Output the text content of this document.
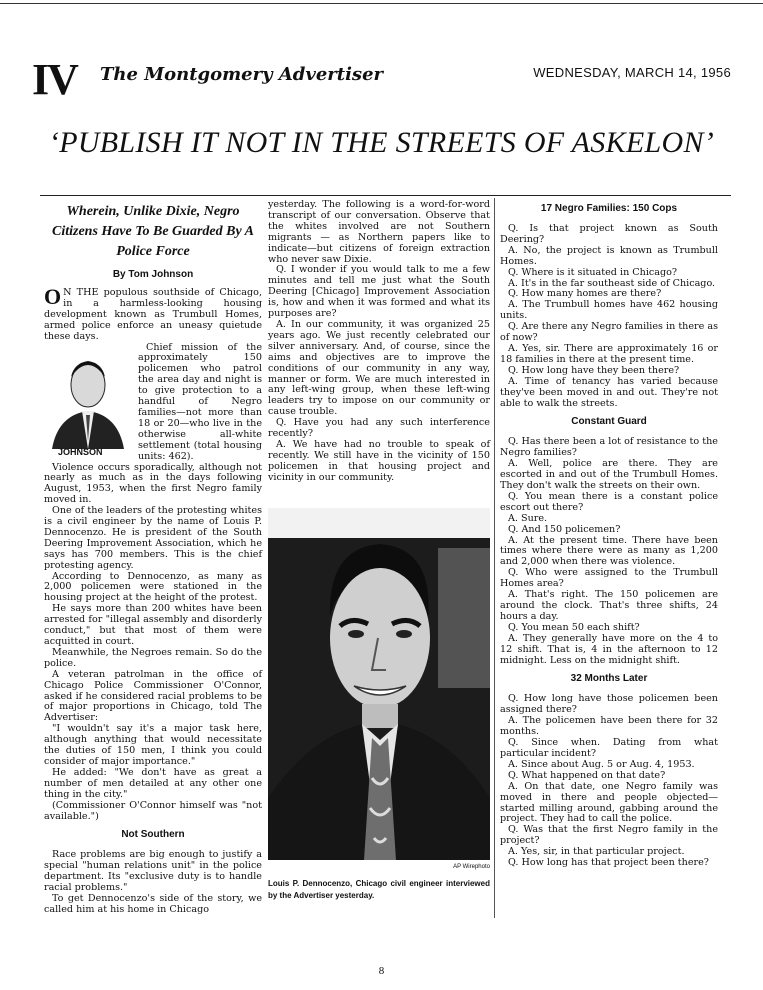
IV The Montgomery Advertiser	WEDNESDAY, MARCH 14, 1956
‘PUBLISH IT NOT IN THE STREETS OF ASKELON’
Wherein, Unlike Dixie, Negro Citizens Have To Be Guarded By A Police Force
By Tom Johnson

O N THE populous southside of Chicago, in a harmless-looking housing development known as Trumbull Homes, armed police enforce an uneasy quietude these days.

JOHNSON

Chief mission of the approximately 150 policemen who patrol the area day and night is to give protection to a handful of Negro families—not more than 18 or 20—who live in the otherwise all-white settlement (total housing units: 462).

Violence occurs sporadically, although not nearly as much as in the days following August, 1953, when the first Negro family moved in.

One of the leaders of the protesting whites is a civil engineer by the name of Louis P. Dennocenzo. He is president of the South Deering Improvement Association, which he says has 700 members. This is the chief protesting agency.

According to Dennocenzo, as many as 2,000 policemen were stationed in the housing project at the height of the protest.

He says more than 200 whites have been arrested for "illegal assembly and disorderly conduct," but that most of them were acquitted in court.

Meanwhile, the Negroes remain. So do the police.

A veteran patrolman in the office of Chicago Police Commissioner O'Connor, asked if he considered racial problems to be of major proportions in Chicago, told The Advertiser:

"I wouldn't say it's a major task here, although anything that would necessitate the duties of 150 men, I think you could consider of major importance."

He added: "We don't have as great a number of men detailed at any other one thing in the city."

(Commissioner O'Connor himself was "not available.")

Not Southern

Race problems are big enough to justify a special "human relations unit" in the police department. Its "exclusive duty is to handle racial problems."

To get Dennocenzo's side of the story, we called him at his home in Chicago

yesterday. The following is a word-for-word transcript of our conversation. Observe that the whites involved are not Southern migrants — as Northern papers like to indicate—but citizens of foreign extraction who never saw Dixie.

Q. I wonder if you would talk to me a few minutes and tell me just what the South Deering [Chicago] Improvement Association is, how and when it was formed and what its purposes are?

A. In our community, it was organized 25 years ago. We just recently celebrated our silver anniversary. And, of course, since the aims and objectives are to improve the conditions of our community in any way, manner or form. We are much interested in any left-wing group, when these left-wing leaders try to impose on our community or cause trouble.

Q. Have you had any such interference recently?

A. We have had no trouble to speak of recently. We still have in the vicinity of 150 policemen in that housing project and vicinity in our community.

AP Wirephoto
Louis P. Dennocenzo, Chicago civil engineer interviewed by the Advertiser yesterday.
17 Negro Families: 150 Cops

Q. Is that project known as South Deering?

A. No, the project is known as Trumbull Homes.

Q. Where is it situated in Chicago?

A. It's in the far southeast side of Chicago.

Q. How many homes are there?

A. The Trumbull homes have 462 housing units.

Q. Are there any Negro families in there as of now?

A. Yes, sir. There are approximately 16 or 18 families in there at the present time.

Q. How long have they been there?

A. Time of tenancy has varied because they've been moved in and out. They're not able to walk the streets.

Constant Guard

Q. Has there been a lot of resistance to the Negro families?

A. Well, police are there. They are escorted in and out of the Trumbull Homes. They don't walk the streets on their own.

Q. You mean there is a constant police escort out there?

A. Sure.

Q. And 150 policemen?

A. At the present time. There have been times where there were as many as 1,200 and 2,000 when there was violence.

Q. Who were assigned to the Trumbull Homes area?

A. That's right. The 150 policemen are around the clock. That's three shifts, 24 hours a day.

Q. You mean 50 each shift?

A. They generally have more on the 4 to 12 shift. That is, 4 in the afternoon to 12 midnight. Less on the midnight shift.

32 Months Later

Q. How long have those policemen been assigned there?

A. The policemen have been there for 32 months.

Q. Since when. Dating from what particular incident?

A. Since about Aug. 5 or Aug. 4, 1953.

Q. What happened on that date?

A. On that date, one Negro family was moved in there and people objected—started milling around, gabbing around the project. They had to call the police.

Q. Was that the first Negro family in the project?

A. Yes, sir, in that particular project.

Q. How long has that project been there?

8
